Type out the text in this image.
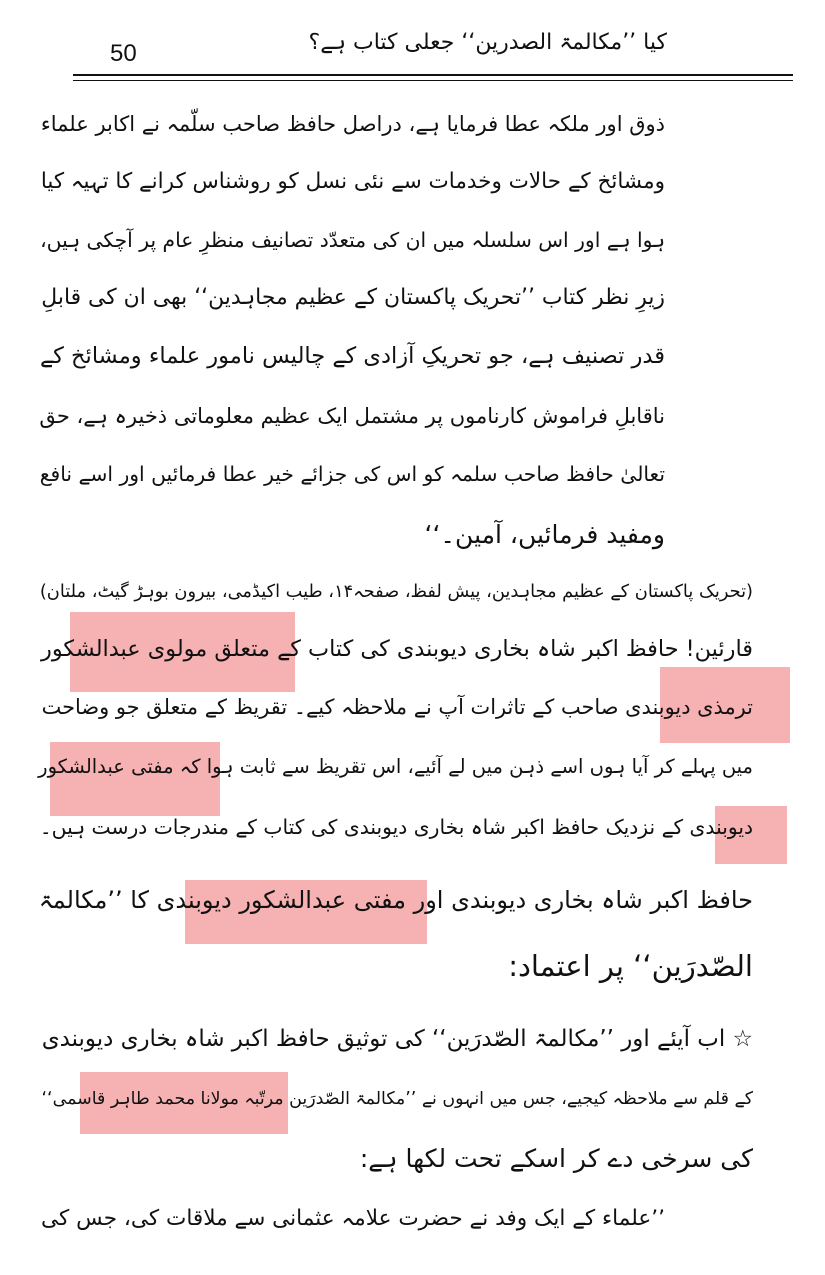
کیا ’’مکالمۃ الصدرین‘‘ جعلی کتاب ہے؟
50
ذوق اور ملکہ عطا فرمایا ہے، دراصل حافظ صاحب سلّمہ نے اکابر علماء
ومشائخ کے حالات وخدمات سے نئی نسل کو روشناس کرانے کا تہیہ کیا
ہوا ہے اور اس سلسلہ میں ان کی متعدّد تصانیف منظرِ عام پر آچکی ہیں،
زیرِ نظر کتاب ’’تحریک پاکستان کے عظیم مجاہدین‘‘ بھی ان کی قابلِ
قدر تصنیف ہے، جو تحریکِ آزادی کے چالیس نامور علماء ومشائخ کے
ناقابلِ فراموش کارناموں پر مشتمل ایک عظیم معلوماتی ذخیرہ ہے، حق
تعالیٰ حافظ صاحب سلمہ کو اس کی جزائے خیر عطا فرمائیں اور اسے نافع
ومفید فرمائیں، آمین۔‘‘
(تحریک پاکستان کے عظیم مجاہدین، پیش لفظ، صفحہ۱۴، طیب اکیڈمی، بیرون بوہڑ گیٹ، ملتان)
قارئین! حافظ اکبر شاہ بخاری دیوبندی کی کتاب کے متعلق مولوی عبدالشکور
ترمذی دیوبندی صاحب کے تاثرات آپ نے ملاحظہ کیے۔ تقریظ کے متعلق جو وضاحت
میں پہلے کر آیا ہوں اسے ذہن میں لے آئیے، اس تقریظ سے ثابت ہوا کہ مفتی عبدالشکور
دیوبندی کے نزدیک حافظ اکبر شاہ بخاری دیوبندی کی کتاب کے مندرجات درست ہیں۔
حافظ اکبر شاہ بخاری دیوبندی اور مفتی عبدالشکور دیوبندی کا ’’مکالمۃ
الصّدرَین‘‘ پر اعتماد:
☆ اب آیئے اور ’’مکالمۃ الصّدرَین‘‘ کی توثیق حافظ اکبر شاہ بخاری دیوبندی
کے قلم سے ملاحظہ کیجیے، جس میں انہوں نے ’’مکالمۃ الصّدرَین مرتّبہ مولانا محمد طاہر قاسمی‘‘
کی سرخی دے کر اسکے تحت لکھا ہے:
’’علماء کے ایک وفد نے حضرت علامہ عثمانی سے ملاقات کی، جس کی
